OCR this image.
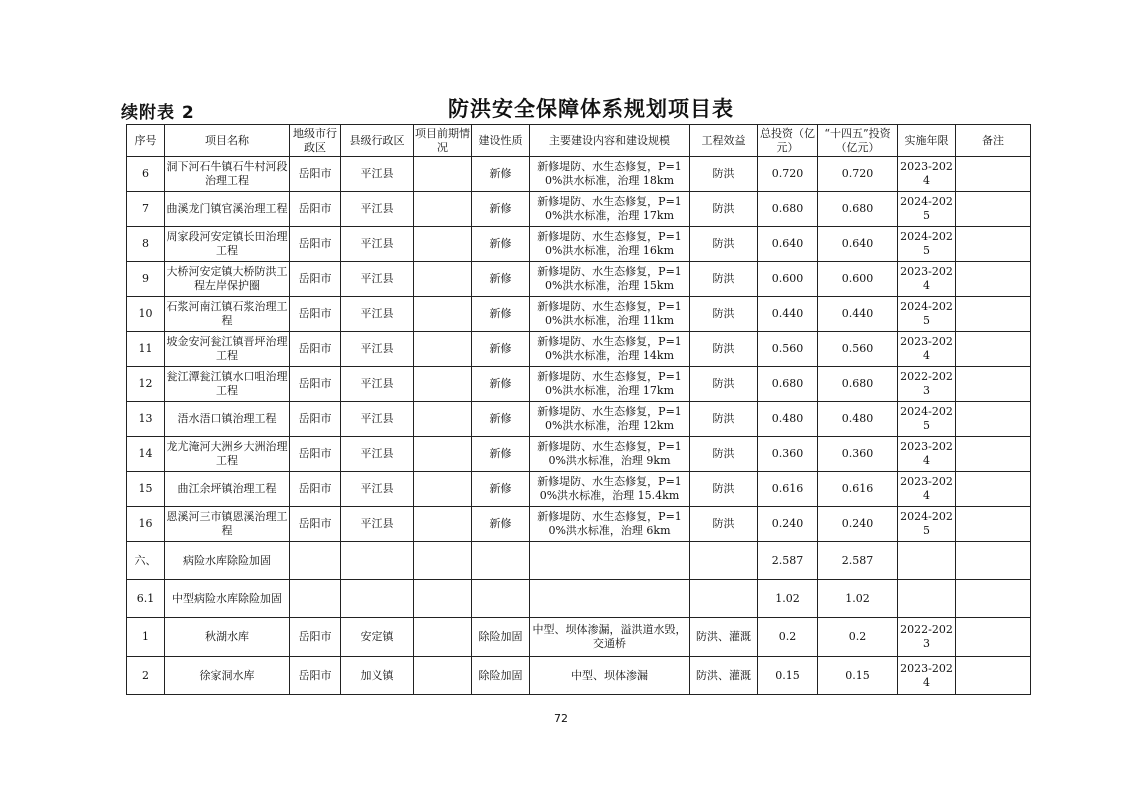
续附表 2	防洪安全保障体系规划项目表
序号	项目名称	地级市行政区	县级行政区	项目前期情况	建设性质	主要建设内容和建设规模	工程效益	总投资（亿元）	“十四五”投资（亿元）	实施年限	备注
6	洞下河石牛镇石牛村河段治理工程	岳阳市	平江县		新修	新修堤防、水生态修复，P=10%洪水标准，治理 18km	防洪	0.720	0.720	2023-2024	
7	曲溪龙门镇官溪治理工程	岳阳市	平江县		新修	新修堤防、水生态修复，P=10%洪水标准，治理 17km	防洪	0.680	0.680	2024-2025	
8	周家段河安定镇长田治理工程	岳阳市	平江县		新修	新修堤防、水生态修复，P=10%洪水标准，治理 16km	防洪	0.640	0.640	2024-2025	
9	大桥河安定镇大桥防洪工程左岸保护圈	岳阳市	平江县		新修	新修堤防、水生态修复，P=10%洪水标准，治理 15km	防洪	0.600	0.600	2023-2024	
10	石浆河南江镇石浆治理工程	岳阳市	平江县		新修	新修堤防、水生态修复，P=10%洪水标准，治理 11km	防洪	0.440	0.440	2024-2025	
11	坡金安河瓮江镇晋坪治理工程	岳阳市	平江县		新修	新修堤防、水生态修复，P=10%洪水标准，治理 14km	防洪	0.560	0.560	2023-2024	
12	瓮江潭瓮江镇水口咀治理工程	岳阳市	平江县		新修	新修堤防、水生态修复，P=10%洪水标准，治理 17km	防洪	0.680	0.680	2022-2023	
13	浯水浯口镇治理工程	岳阳市	平江县		新修	新修堤防、水生态修复，P=10%洪水标准，治理 12km	防洪	0.480	0.480	2024-2025	
14	龙尤淹河大洲乡大洲治理工程	岳阳市	平江县		新修	新修堤防、水生态修复，P=10%洪水标准，治理 9km	防洪	0.360	0.360	2023-2024	
15	曲江余坪镇治理工程	岳阳市	平江县		新修	新修堤防、水生态修复，P=10%洪水标准，治理 15.4km	防洪	0.616	0.616	2023-2024	
16	恩溪河三市镇恩溪治理工程	岳阳市	平江县		新修	新修堤防、水生态修复，P=10%洪水标准，治理 6km	防洪	0.240	0.240	2024-2025	
六、	病险水库除险加固							2.587	2.587		
6.1	中型病险水库除险加固							1.02	1.02		
1	秋湖水库	岳阳市	安定镇		除险加固	中型、坝体渗漏，溢洪道水毁，交通桥	防洪、灌溉	0.2	0.2	2022-2023	
2	徐家洞水库	岳阳市	加义镇		除险加固	中型、坝体渗漏	防洪、灌溉	0.15	0.15	2023-2024	
72
